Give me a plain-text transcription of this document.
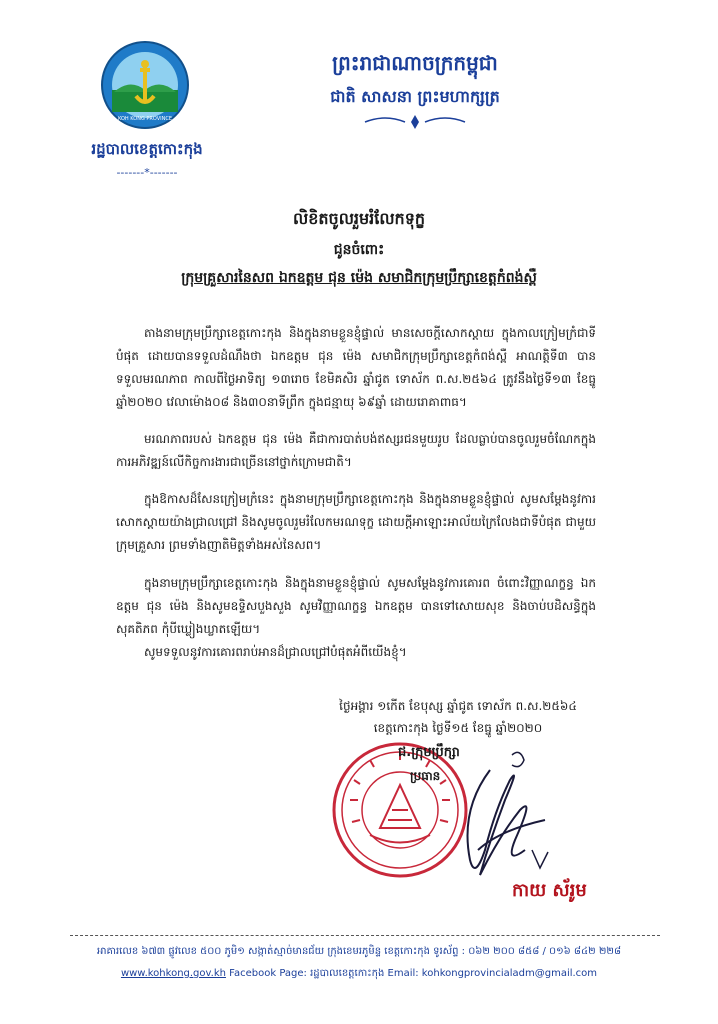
KOH KONG PROVINCE
រដ្ឋបាលខេត្តកោះកុង
-------*-------
ព្រះរាជាណាចក្រកម្ពុជា
ជាតិ សាសនា ព្រះមហាក្សត្រ
លិខិតចូលរួមរំលែកទុក្ខ
ជូនចំពោះ
ក្រុមគ្រួសារនៃសព ឯកឧត្តម ជុន ម៉េង សមាជិកក្រុមប្រឹក្សាខេត្តកំពង់ស្ពឺ
តាងនាមក្រុមប្រឹក្សាខេត្តកោះកុង និងក្នុងនាមខ្លួនខ្ញុំផ្ទាល់ មានសេចក្ដីសោកស្ដាយ ក្នុងកាលក្រៀមក្រំជាទីបំផុត ដោយបានទទួលដំណឹងថា ឯកឧត្តម ជុន ម៉េង សមាជិកក្រុមប្រឹក្សាខេត្តកំពង់ស្ពឺ អាណត្តិទី៣ បានទទួលមរណភាព កាលពីថ្ងៃអាទិត្យ ១៣រោច ខែមិគសិរ ឆ្នាំជូត ទោស័ក ព.ស.២៥៦៤ ត្រូវនឹងថ្ងៃទី១៣ ខែធ្នូ ឆ្នាំ២០២០ វេលាម៉ោង០៨ និង៣០នាទីព្រឹក ក្នុងជន្មាយុ ៦៩ឆ្នាំ ដោយរោគាពាធ។
មរណភាពរបស់ ឯកឧត្តម ជុន ម៉េង គឺជាការបាត់បង់ឥស្សរជនមួយរូប ដែលធ្លាប់បានចូលរួមចំណែកក្នុងការអភិវឌ្ឍន៍លើកិច្ចការងារជាច្រើននៅថ្នាក់ក្រោមជាតិ។
ក្នុងឱកាសដ៏សែនក្រៀមក្រំនេះ ក្នុងនាមក្រុមប្រឹក្សាខេត្តកោះកុង និងក្នុងនាមខ្លួនខ្ញុំផ្ទាល់ សូមសម្ដែងនូវការសោកស្ដាយយ៉ាងជ្រាលជ្រៅ និងសូមចូលរួមរំលែកមរណទុក្ខ ដោយក្ដីអាឡោះអាល័យក្រៃលែងជាទីបំផុត ជាមួយក្រុមគ្រួសារ ព្រមទាំងញាតិមិត្តទាំងអស់នៃសព។
ក្នុងនាមក្រុមប្រឹក្សាខេត្តកោះកុង និងក្នុងនាមខ្លួនខ្ញុំផ្ទាល់ សូមសម្ដែងនូវការគោរព ចំពោះវិញ្ញាណក្ខន្ធ ឯកឧត្តម ជុន ម៉េង និងសូមឧទ្ទិសបួងសួង សូមវិញ្ញាណក្ខន្ធ ឯកឧត្តម បានទៅសោយសុខ និងចាប់បដិសន្ធិក្នុងសុគតិភព កុំបីឃ្លៀងឃ្លាតឡើយ។
សូមទទួលនូវការគោរពរាប់អានដ៏ជ្រាលជ្រៅបំផុតអំពីយើងខ្ញុំ។
ថ្ងៃអង្គារ ១កើត ខែបុស្ស ឆ្នាំជូត ទោស័ក ព.ស.២៥៦៤
ខេត្តកោះកុង ថ្ងៃទី១៥ ខែធ្នូ ឆ្នាំ២០២០
ជ.ក្រុមប្រឹក្សា
ប្រធាន
កាយ ស័រូម
អាគារលេខ ៦៧៣ ផ្លូវលេខ ៥០០ ភូមិ១ សង្កាត់ស្មាច់មានជ័យ ក្រុងខេមរភូមិន្ទ ខេត្តកោះកុង ទូរស័ព្ទ : ០៦២ ២០០ ៨៥៨ / ០១៦ ៨៤២ ២២៨
www.kohkong.gov.kh Facebook Page: រដ្ឋបាលខេត្តកោះកុង Email: kohkongprovincialadm@gmail.com
